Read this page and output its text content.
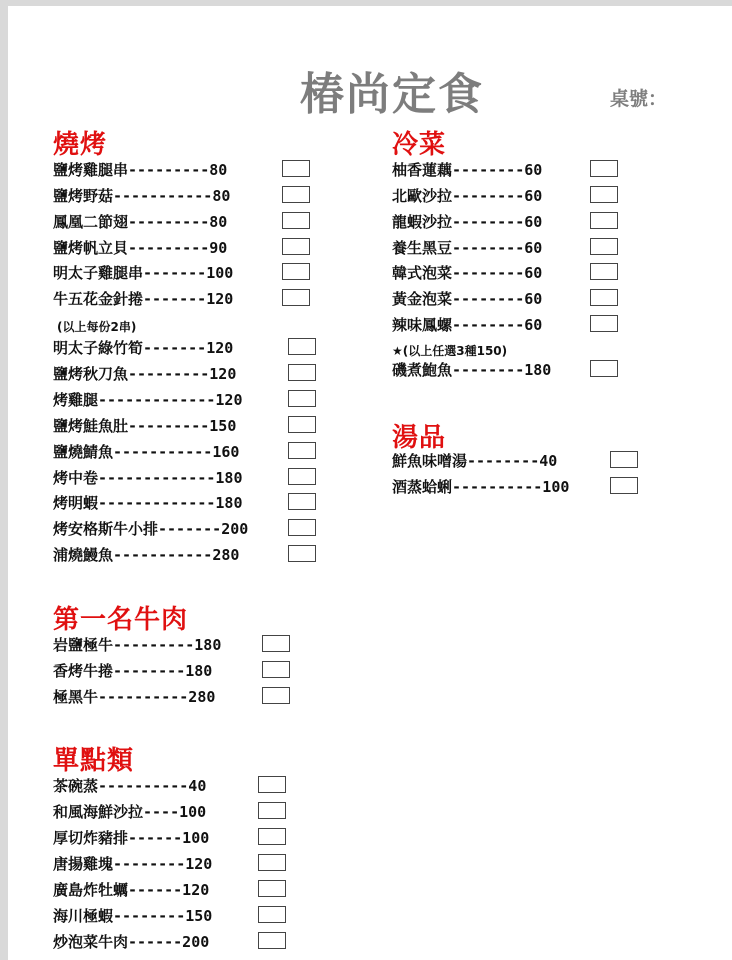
椿尚定食	桌號：
燒烤
鹽烤雞腿串---------80
鹽烤野菇-----------80
鳳凰二節翅---------80
鹽烤帆立貝---------90
明太子雞腿串-------100
牛五花金針捲-------120
明太子綠竹筍-------120
鹽烤秋刀魚---------120
烤雞腿-------------120
鹽烤鮭魚肚---------150
鹽燒鯖魚-----------160
烤中卷-------------180
烤明蝦-------------180
烤安格斯牛小排-------200
浦燒鰻魚-----------280
(以上每份2串)
冷菜
柚香蓮藕--------60
北歐沙拉--------60
龍蝦沙拉--------60
養生黑豆--------60
韓式泡菜--------60
黃金泡菜--------60
辣味鳳螺--------60
磯煮鮑魚--------180
★(以上任選3種150)
湯品
鮮魚味噌湯--------40
酒蒸蛤蜊----------100
第一名牛肉
岩鹽極牛---------180
香烤牛捲--------180
極黑牛----------280
單點類
茶碗蒸----------40
和風海鮮沙拉----100
厚切炸豬排------100
唐揚雞塊--------120
廣島炸牡蠣------120
海川極蝦--------150
炒泡菜牛肉------200
